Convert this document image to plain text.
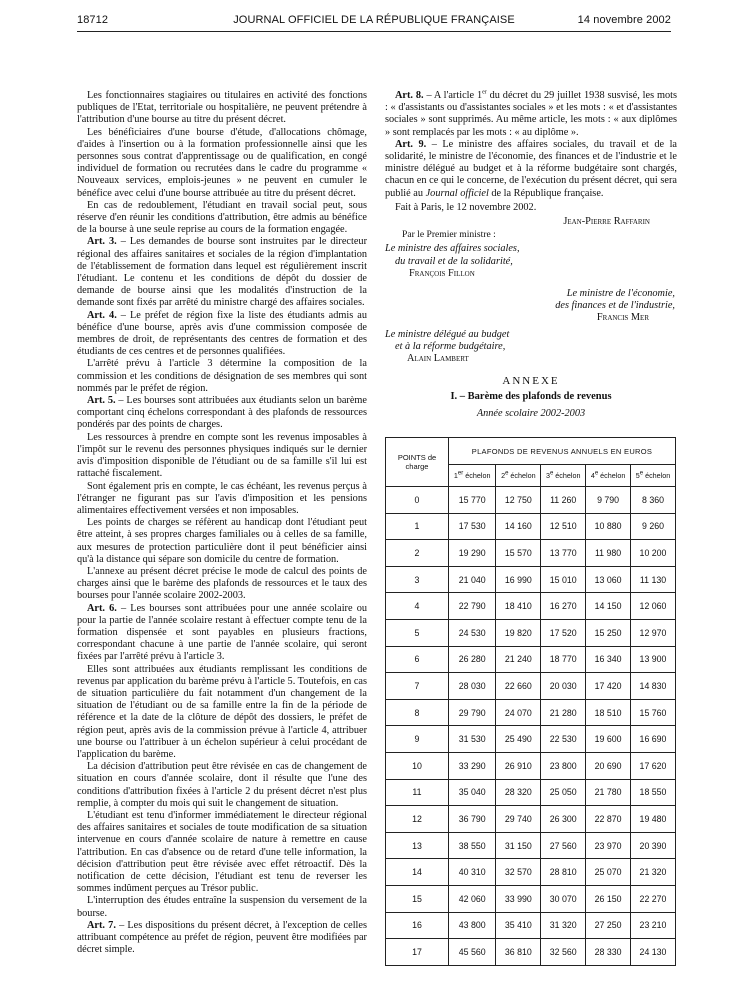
18712	JOURNAL OFFICIEL DE LA RÉPUBLIQUE FRANÇAISE	14 novembre 2002

Les fonctionnaires stagiaires ou titulaires en activité des fonctions publiques de l'Etat, territoriale ou hospitalière, ne peuvent prétendre à l'attribution d'une bourse au titre du présent décret.

Les bénéficiaires d'une bourse d'étude, d'allocations chômage, d'aides à l'insertion ou à la formation professionnelle ainsi que les personnes sous contrat d'apprentissage ou de qualification, en congé individuel de formation ou recrutées dans le cadre du programme « Nouveaux services, emplois-jeunes » ne peuvent en cumuler le bénéfice avec celui d'une bourse attribuée au titre du présent décret.

En cas de redoublement, l'étudiant en travail social peut, sous réserve d'en réunir les conditions d'attribution, être admis au bénéfice de la bourse à une seule reprise au cours de la formation engagée.

Art. 3. – Les demandes de bourse sont instruites par le directeur régional des affaires sanitaires et sociales de la région d'implantation de l'établissement de formation dans lequel est régulièrement inscrit l'étudiant. Le contenu et les conditions de dépôt du dossier de demande de bourse ainsi que les modalités d'instruction de la demande sont fixés par arrêté du ministre chargé des affaires sociales.

Art. 4. – Le préfet de région fixe la liste des étudiants admis au bénéfice d'une bourse, après avis d'une commission composée de membres de droit, de représentants des centres de formation et des étudiants de ces centres et de personnes qualifiées.

L'arrêté prévu à l'article 3 détermine la composition de la commission et les conditions de désignation de ses membres qui sont nommés par le préfet de région.

Art. 5. – Les bourses sont attribuées aux étudiants selon un barème comportant cinq échelons correspondant à des plafonds de ressources pondérés par des points de charges.

Les ressources à prendre en compte sont les revenus imposables à l'impôt sur le revenu des personnes physiques indiqués sur le dernier avis d'imposition disponible de l'étudiant ou de sa famille s'il lui est rattaché fiscalement.

Sont également pris en compte, le cas échéant, les revenus perçus à l'étranger ne figurant pas sur l'avis d'imposition et les pensions alimentaires effectivement versées et non imposables.

Les points de charges se réfèrent au handicap dont l'étudiant peut être atteint, à ses propres charges familiales ou à celles de sa famille, aux mesures de protection particulière dont il peut bénéficier ainsi qu'à la distance qui sépare son domicile du centre de formation.

L'annexe au présent décret précise le mode de calcul des points de charges ainsi que le barème des plafonds de ressources et le taux des bourses pour l'année scolaire 2002-2003.

Art. 6. – Les bourses sont attribuées pour une année scolaire ou pour la partie de l'année scolaire restant à effectuer compte tenu de la formation dispensée et sont payables en plusieurs fractions, correspondant chacune à une partie de l'année scolaire, qui seront fixées par l'arrêté prévu à l'article 3.

Elles sont attribuées aux étudiants remplissant les conditions de revenus par application du barème prévu à l'article 5. Toutefois, en cas de situation particulière du fait notamment d'un changement de la situation de l'étudiant ou de sa famille entre la fin de la période de référence et la date de la clôture de dépôt des dossiers, le préfet de région peut, après avis de la commission prévue à l'article 4, attribuer une bourse ou l'attribuer à un échelon supérieur à celui procédant de l'application du barème.

La décision d'attribution peut être révisée en cas de changement de situation en cours d'année scolaire, dont il résulte que l'une des conditions d'attribution fixées à l'article 2 du présent décret n'est plus remplie, à compter du mois qui suit le changement de situation.

L'étudiant est tenu d'informer immédiatement le directeur régional des affaires sanitaires et sociales de toute modification de sa situation intervenue en cours d'année scolaire de nature à remettre en cause l'attribution. En cas d'absence ou de retard d'une telle information, la décision d'attribution peut être révisée avec effet rétroactif. Dès la notification de cette décision, l'étudiant est tenu de reverser les sommes indûment perçues au Trésor public.

L'interruption des études entraîne la suspension du versement de la bourse.

Art. 7. – Les dispositions du présent décret, à l'exception de celles attribuant compétence au préfet de région, peuvent être modifiées par décret simple.

Art. 8. – A l'article 1er du décret du 29 juillet 1938 susvisé, les mots : « d'assistants ou d'assistantes sociales » et les mots : « et d'assistantes sociales » sont supprimés. Au même article, les mots : « aux diplômes » sont remplacés par les mots : « au diplôme ».

Art. 9. – Le ministre des affaires sociales, du travail et de la solidarité, le ministre de l'économie, des finances et de l'industrie et le ministre délégué au budget et à la réforme budgétaire sont chargés, chacun en ce qui le concerne, de l'exécution du présent décret, qui sera publié au Journal officiel de la République française.

Fait à Paris, le 12 novembre 2002.

Jean-Pierre Raffarin
Par le Premier ministre :
Le ministre des affaires sociales,
du travail et de la solidarité,
François Fillon
Le ministre de l'économie,
des finances et de l'industrie,
Francis Mer
Le ministre délégué au budget
et à la réforme budgétaire,
Alain Lambert
ANNEXE
I. – Barème des plafonds de revenus
Année scolaire 2002-2003
POINTS de charge	PLAFONDS DE REVENUS ANNUELS EN EUROS				
	1er échelon	2e échelon	3e échelon	4e échelon	5e échelon
0	15 770	12 750	11 260	9 790	8 360
1	17 530	14 160	12 510	10 880	9 260
2	19 290	15 570	13 770	11 980	10 200
3	21 040	16 990	15 010	13 060	11 130
4	22 790	18 410	16 270	14 150	12 060
5	24 530	19 820	17 520	15 250	12 970
6	26 280	21 240	18 770	16 340	13 900
7	28 030	22 660	20 030	17 420	14 830
8	29 790	24 070	21 280	18 510	15 760
9	31 530	25 490	22 530	19 600	16 690
10	33 290	26 910	23 800	20 690	17 620
11	35 040	28 320	25 050	21 780	18 550
12	36 790	29 740	26 300	22 870	19 480
13	38 550	31 150	27 560	23 970	20 390
14	40 310	32 570	28 810	25 070	21 320
15	42 060	33 990	30 070	26 150	22 270
16	43 800	35 410	31 320	27 250	23 210
17	45 560	36 810	32 560	28 330	24 130
